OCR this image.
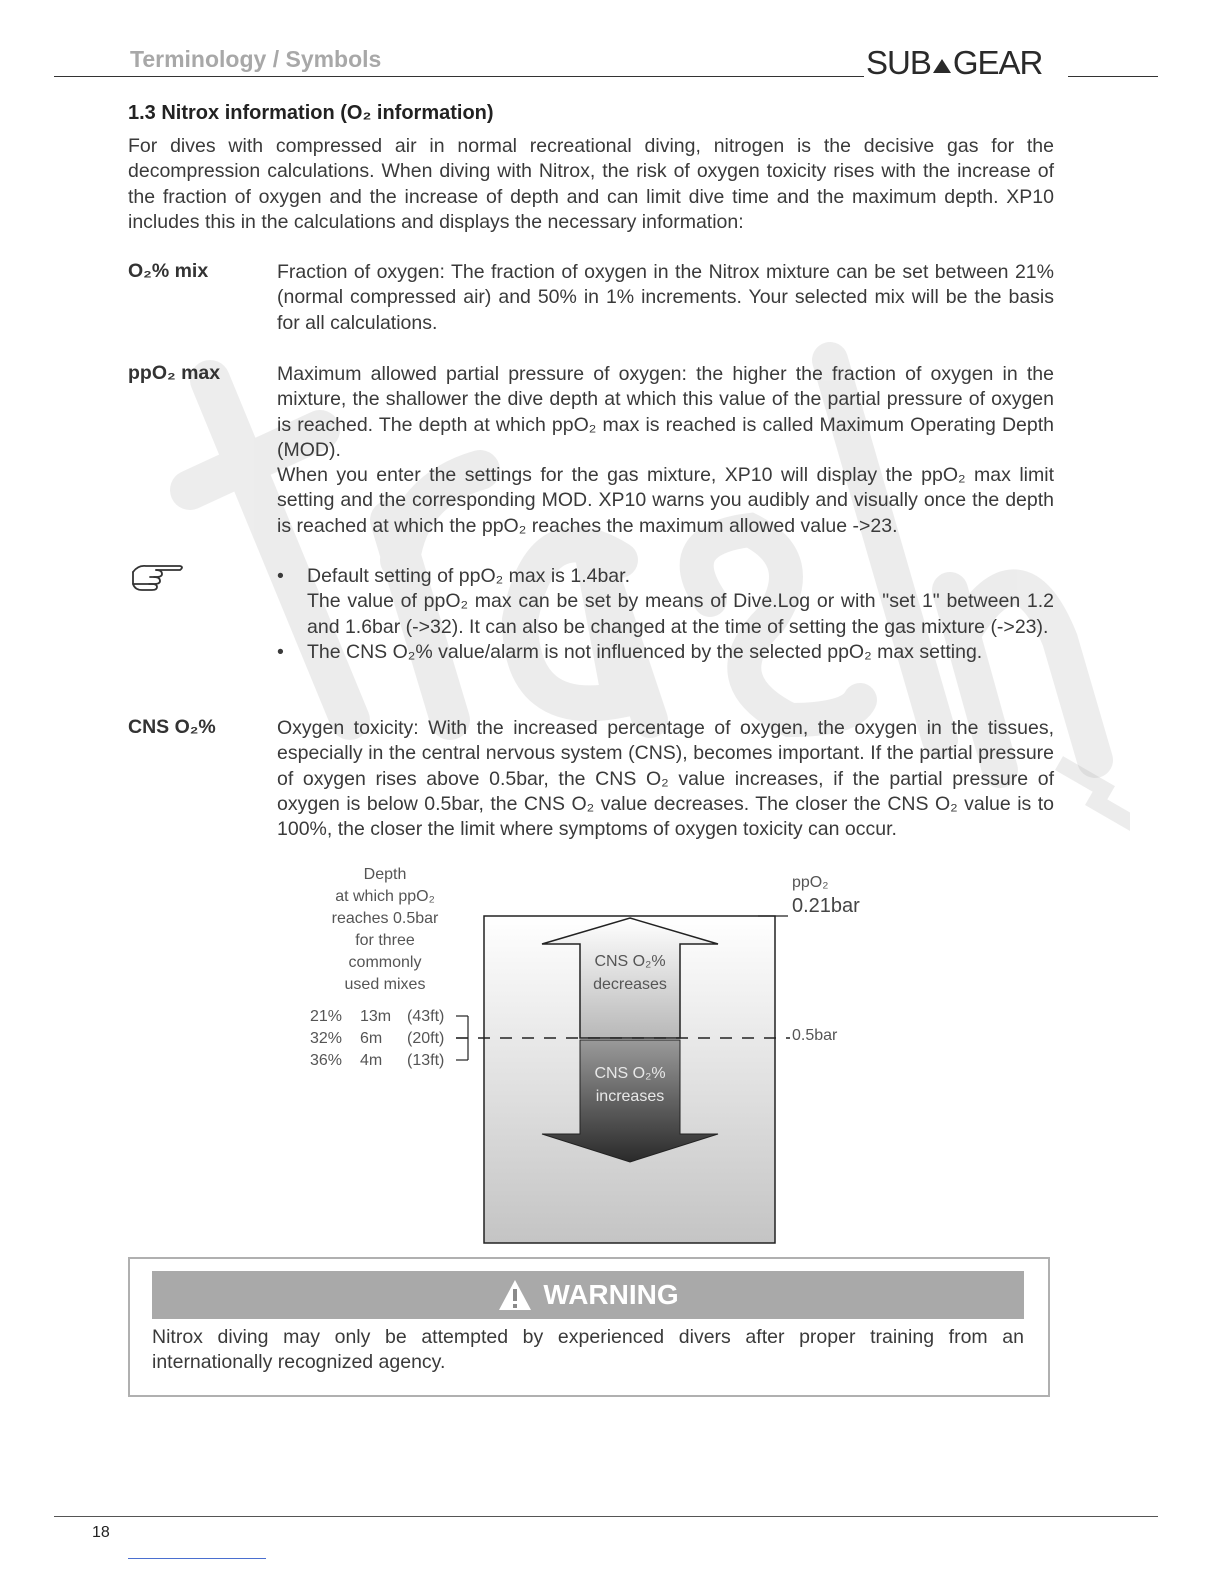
Terminology / Symbols	SUB GEAR
1.3 Nitrox information (O₂ information)
For dives with compressed air in normal recreational diving, nitrogen is the decisive gas for the decompression calculations. When diving with Nitrox, the risk of oxygen toxicity rises with the increase of the fraction of oxygen and the increase of depth and can limit dive time and the maximum depth. XP10 includes this in the calculations and displays the necessary information:
O₂% mix	Fraction of oxygen: The fraction of oxygen in the Nitrox mixture can be set between 21% (normal compressed air) and 50% in 1% increments. Your selected mix will be the basis for all calculations.
ppO₂ max	Maximum allowed partial pressure of oxygen: the higher the fraction of oxygen in the mixture, the shallower the dive depth at which this value of the partial pressure of oxygen is reached. The depth at which ppO₂ max is reached is called Maximum Operating Depth (MOD).

When you enter the settings for the gas mixture, XP10 will display the ppO₂ max limit setting and the corresponding MOD. XP10 warns you audibly and visually once the depth is reached at which the ppO₂ reaches the maximum allowed value ->23.

• Default setting of ppO₂ max is 1.4bar.
The value of ppO₂ max can be set by means of Dive.Log or with "set 1" between 1.2 and 1.6bar (->32). It can also be changed at the time of setting the gas mixture (->23).
• The CNS O₂% value/alarm is not influenced by the selected ppO₂ max setting.
CNS O₂%	Oxygen toxicity: With the increased percentage of oxygen, the oxygen in the tissues, especially in the central nervous system (CNS), becomes important. If the partial pressure of oxygen rises above 0.5bar, the CNS O₂ value increases, if the partial pressure of oxygen is below 0.5bar, the CNS O₂ value decreases. The closer the CNS O₂ value is to 100%, the closer the limit where symptoms of oxygen toxicity can occur.
Depth
at which ppO₂
reaches 0.5bar
for three
commonly
used mixes
21%	13m (43ft)
32%	6m	(20ft)
36%	4m	(13ft)
ppO₂
0.21bar
0.5bar
CNS O₂%
decreases
CNS O₂%
increases
WARNING
Nitrox diving may only be attempted by experienced divers after proper training from an internationally recognized agency.
18
